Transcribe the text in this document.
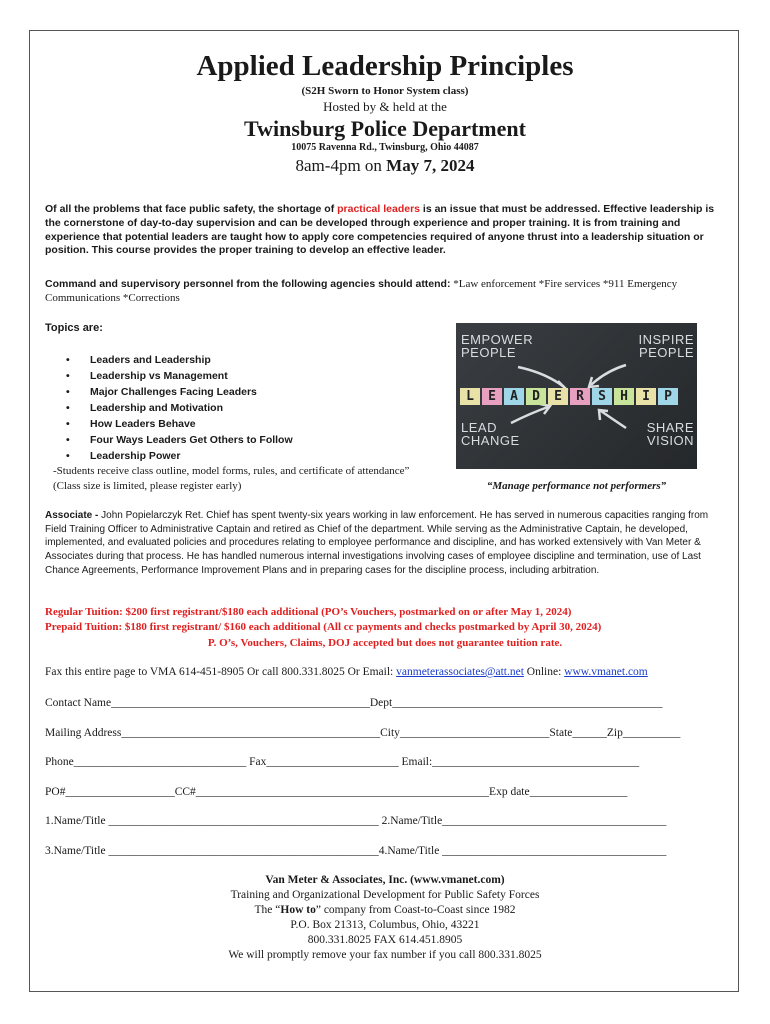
Applied Leadership Principles
(S2H Sworn to Honor System class)
Hosted by & held at the
Twinsburg Police Department
10075 Ravenna Rd., Twinsburg, Ohio 44087
8am-4pm on May 7, 2024
Of all the problems that face public safety, the shortage of practical leaders is an issue that must be addressed. Effective leadership is the cornerstone of day-to-day supervision and can be developed through experience and proper training. It is from training and experience that potential leaders are taught how to apply core competencies required of anyone thrust into a leadership situation or position. This course provides the proper training to develop an effective leader.
Command and supervisory personnel from the following agencies should attend: *Law enforcement *Fire services *911 Emergency Communications *Corrections
Topics are:
• Leaders and Leadership
• Leadership vs Management
• Major Challenges Facing Leaders
• Leadership and Motivation
• How Leaders Behave
• Four Ways Leaders Get Others to Follow
• Leadership Power
-Students receive class outline, model forms, rules, and certificate of attendance” (Class size is limited, please register early)
EMPOWER PEOPLE
INSPIRE PEOPLE
L	E	A	D	E	R	S	H	I	P
LEAD CHANGE
SHARE VISION
“Manage performance not performers”
Associate - John Popielarczyk Ret. Chief has spent twenty-six years working in law enforcement. He has served in numerous capacities ranging from Field Training Officer to Administrative Captain and retired as Chief of the department. While serving as the Administrative Captain, he developed, implemented, and evaluated policies and procedures relating to employee performance and discipline, and has worked extensively with Van Meter & Associates during that process. He has handled numerous internal investigations involving cases of employee discipline and termination, use of Last Chance Agreements, Performance Improvement Plans and in preparing cases for the discipline process, including arbitration.
Regular Tuition: $200 first registrant/$180 each additional (PO’s Vouchers, postmarked on or after May 1, 2024)
Prepaid Tuition: $180 first registrant/ $160 each additional (All cc payments and checks postmarked by April 30, 2024)
P. O’s, Vouchers, Claims, DOJ accepted but does not guarantee tuition rate.
Fax this entire page to VMA 614-451-8905 Or call 800.331.8025 Or Email: vanmeterassociates@att.net Online: www.vmanet.com
Contact Name_____________________________________________Dept_______________________________________________
Mailing Address_____________________________________________City__________________________State______Zip__________
Phone______________________________ Fax_______________________ Email:____________________________________
PO#___________________CC#___________________________________________________Exp date_________________
1.Name/Title _______________________________________________ 2.Name/Title_______________________________________
3.Name/Title _______________________________________________4.Name/Title _______________________________________
Van Meter & Associates, Inc. (www.vmanet.com)
Training and Organizational Development for Public Safety Forces
The “How to” company from Coast-to-Coast since 1982
P.O. Box 21313, Columbus, Ohio, 43221
800.331.8025 FAX 614.451.8905
We will promptly remove your fax number if you call 800.331.8025
